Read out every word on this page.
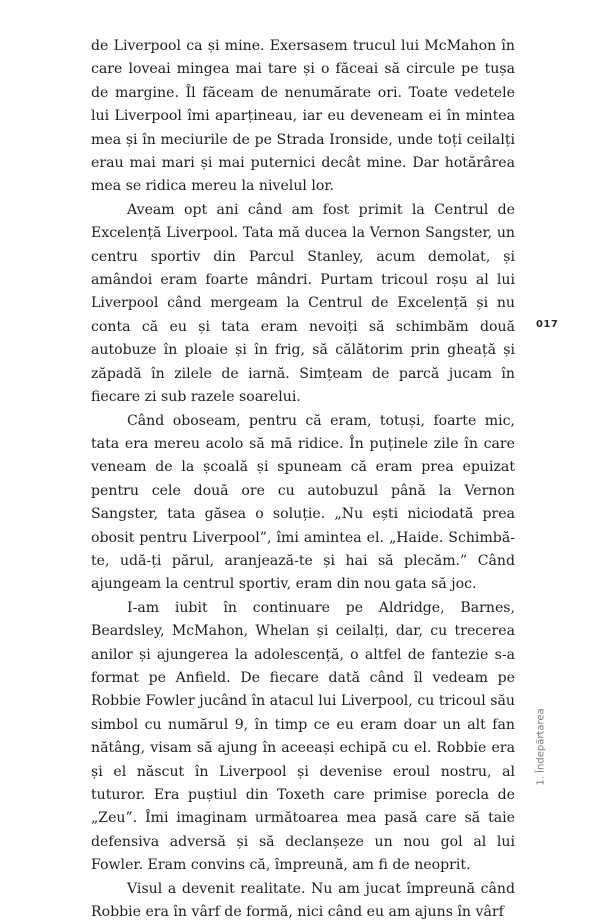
de Liverpool ca și mine. Exersasem trucul lui McMahon în care loveai mingea mai tare și o făceai să circule pe tușa de margine. Îl făceam de nenumărate ori. Toate vedetele lui Liverpool îmi aparțineau, iar eu deveneam ei în mintea mea și în meciurile de pe Strada Ironside, unde toți ceilalți erau mai mari și mai puternici decât mine. Dar hotărârea mea se ridica mereu la nivelul lor.

Aveam opt ani când am fost primit la Centrul de Excelență Liverpool. Tata mă ducea la Vernon Sangster, un centru sportiv din Parcul Stanley, acum demolat, și amândoi eram foarte mândri. Purtam tricoul roșu al lui Liverpool când mergeam la Centrul de Excelență și nu conta că eu și tata eram nevoiți să schimbăm două autobuze în ploaie și în frig, să călătorim prin gheață și zăpadă în zilele de iarnă. Simțeam de parcă jucam în fiecare zi sub razele soarelui.

Când oboseam, pentru că eram, totuși, foarte mic, tata era mereu acolo să mă ridice. În puținele zile în care veneam de la școală și spuneam că eram prea epuizat pentru cele două ore cu autobuzul până la Vernon Sangster, tata găsea o soluție. „Nu ești niciodată prea obosit pentru Liverpool”, îmi amintea el. „Haide. Schimbă-te, udă-ți părul, aranjează-te și hai să plecăm.” Când ajungeam la centrul sportiv, eram din nou gata să joc.

I-am iubit în continuare pe Aldridge, Barnes, Beardsley, McMahon, Whelan și ceilalți, dar, cu trecerea anilor și ajungerea la adolescență, o altfel de fantezie s-a format pe Anfield. De fiecare dată când îl vedeam pe Robbie Fowler jucând în atacul lui Liverpool, cu tricoul său simbol cu numărul 9, în timp ce eu eram doar un alt fan nătâng, visam să ajung în aceeași echipă cu el. Robbie era și el născut în Liverpool și devenise eroul nostru, al tuturor. Era puștiul din Toxeth care primise porecla de „Zeu”. Îmi imaginam următoarea mea pasă care să taie defensiva adversă și să declanșeze un nou gol al lui Fowler. Eram convins că, împreună, am fi de neoprit.

Visul a devenit realitate. Nu am jucat împreună când Robbie era în vârf de formă, nici când eu am ajuns în vârf

017
1. Îndepărtarea
